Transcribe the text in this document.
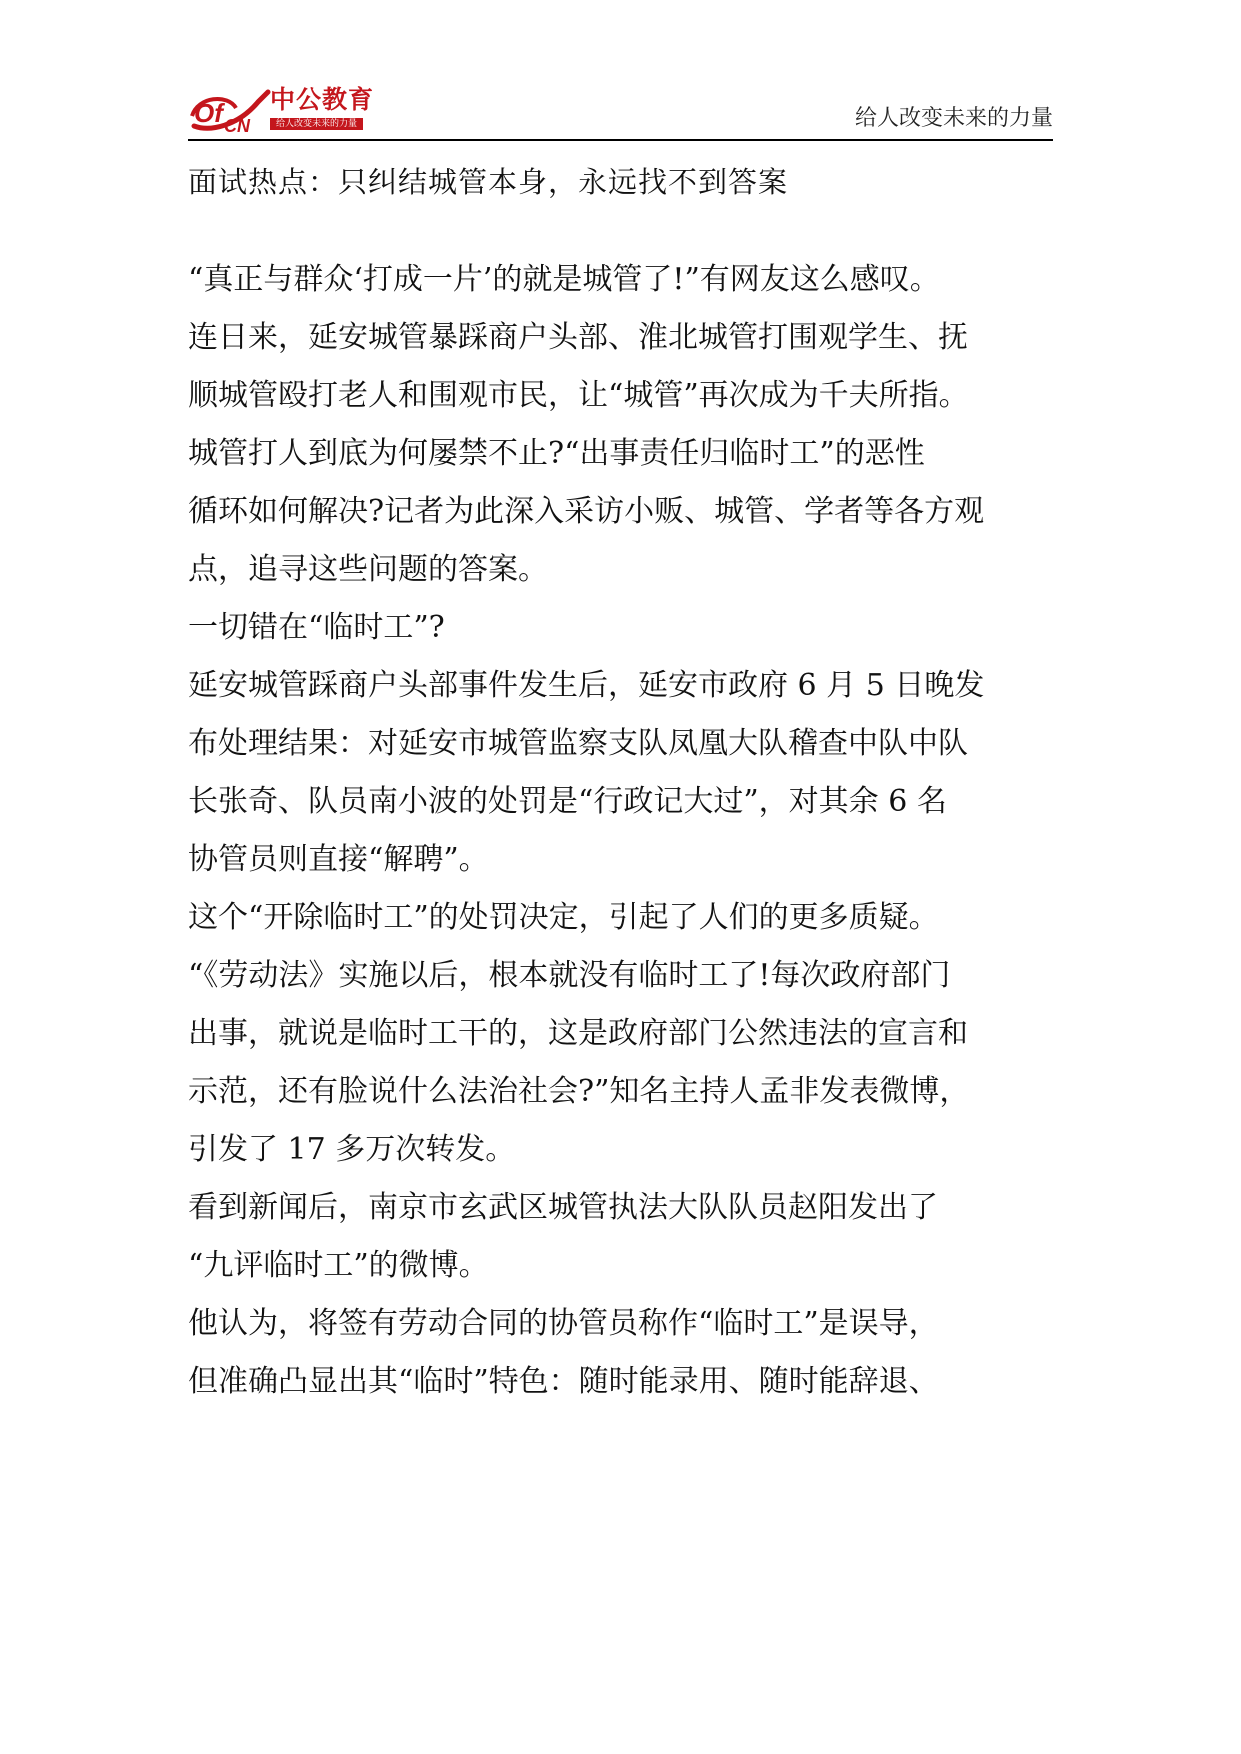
Of CN
中公教育
给人改变未来的力量	给人改变未来的力量
面试热点：只纠结城管本身，永远找不到答案
“真正与群众‘打成一片’的就是城管了!”有网友这么感叹。
连日来，延安城管暴踩商户头部、淮北城管打围观学生、抚
顺城管殴打老人和围观市民，让“城管”再次成为千夫所指。
城管打人到底为何屡禁不止?“出事责任归临时工”的恶性
循环如何解决?记者为此深入采访小贩、城管、学者等各方观
点，追寻这些问题的答案。
一切错在“临时工”?
延安城管踩商户头部事件发生后，延安市政府 6 月 5 日晚发
布处理结果：对延安市城管监察支队凤凰大队稽查中队中队
长张奇、队员南小波的处罚是“行政记大过”，对其余 6 名
协管员则直接“解聘”。
这个“开除临时工”的处罚决定，引起了人们的更多质疑。
“《劳动法》实施以后，根本就没有临时工了!每次政府部门
出事，就说是临时工干的，这是政府部门公然违法的宣言和
示范，还有脸说什么法治社会?”知名主持人孟非发表微博，
引发了 17 多万次转发。
看到新闻后，南京市玄武区城管执法大队队员赵阳发出了
“九评临时工”的微博。
他认为，将签有劳动合同的协管员称作“临时工”是误导，
但准确凸显出其“临时”特色：随时能录用、随时能辞退、
